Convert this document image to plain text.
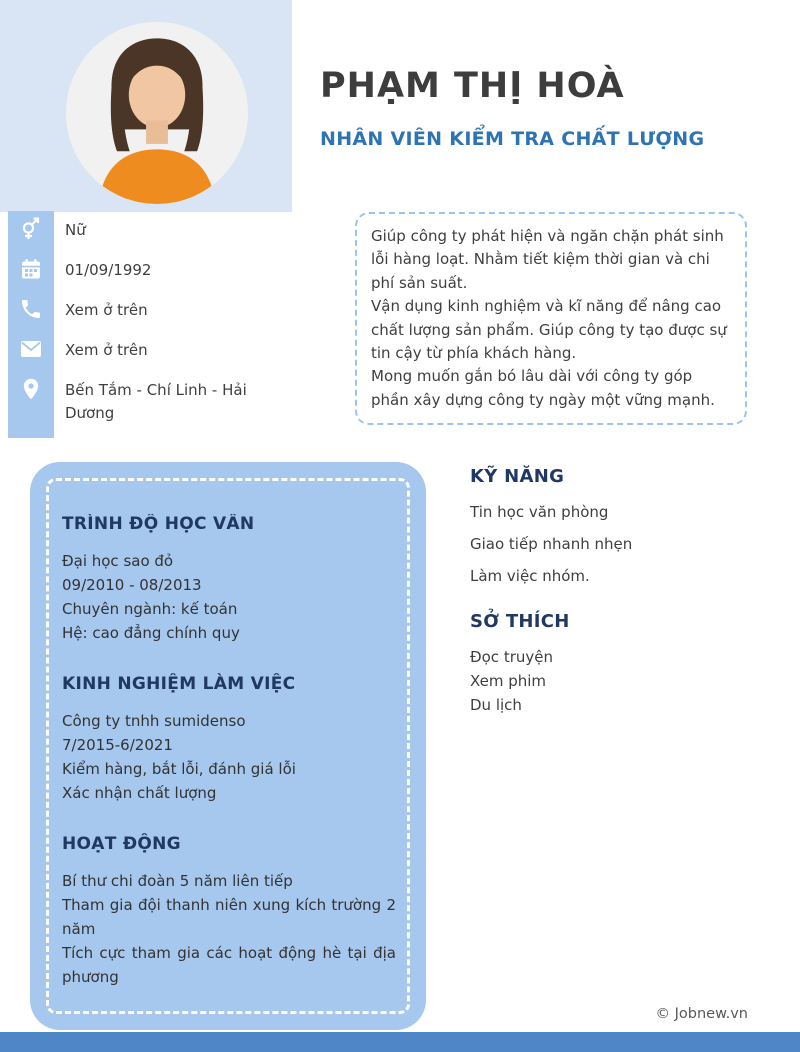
PHẠM THỊ HOÀ
NHÂN VIÊN KIỂM TRA CHẤT LƯỢNG
Nữ
01/09/1992
Xem ở trên
Xem ở trên
Bến Tắm - Chí Linh - Hải Dương

Giúp công ty phát hiện và ngăn chặn phát sinh lỗi hàng loạt. Nhằm tiết kiệm thời gian và chi phí sản suất.

Vận dụng kinh nghiệm và kĩ năng để nâng cao chất lượng sản phẩm. Giúp công ty tạo được sự tin cậy từ phía khách hàng.

Mong muốn gắn bó lâu dài với công ty góp phần xây dựng công ty ngày một vững mạnh.

TRÌNH ĐỘ HỌC VẤN

Đại học sao đỏ

09/2010 - 08/2013

Chuyên ngành: kế toán

Hệ: cao đẳng chính quy

KINH NGHIỆM LÀM VIỆC

Công ty tnhh sumidenso

7/2015-6/2021

Kiểm hàng, bắt lỗi, đánh giá lỗi

Xác nhận chất lượng

HOẠT ĐỘNG

Bí thư chi đoàn 5 năm liên tiếp

Tham gia đội thanh niên xung kích trường 2 năm

Tích cực tham gia các hoạt động hè tại địa phương

KỸ NĂNG

Tin học văn phòng

Giao tiếp nhanh nhẹn

Làm việc nhóm.

SỞ THÍCH

Đọc truyện

Xem phim

Du lịch

© Jobnew.vn
